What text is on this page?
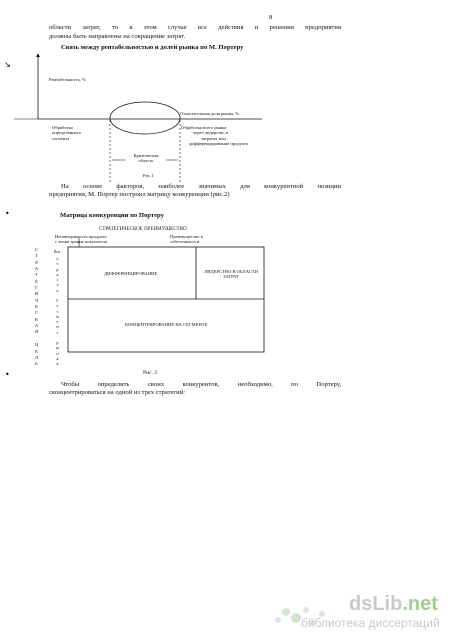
8
области затрат, то в этом случае все действия и решения предприятия
должны быть направлены на сокращение затрат.
Связь между рентабельностью и долей рынка по М. Портеру
↘
•
•
Рентабельность, %
Относительная доля рынка, %
Обработка
определенного
сегмента
Обработка всего рынка
через лидерство в
затратах или
дифференцирование продукта
Критическая
область
Рис.1
На основе факторов, наиболее значимых для конкурентной позиции
предприятия, М. Портер построил матрицу конкуренции (рис.2)
Матрица конкуренции по Портеру
СТРАТЕГИЧЕСКОЕ ПРЕИМУЩЕСТВО
Неповторимость продукта
с точки зрения покупателя
Преимущество в
себестоимости
С
Т
Р
А
Т
Е
Г
И
Ч
Е
С
К
А
Я

Ц
Е
Л
Ь
Вся
о
т
р
а
с
л
ь

С
е
г
м
е
н
т

р
ы
н
к
а
ДИФФЕРЕНЦИРОВАНИЕ	ЛИДЕРСТВО В ОБЛАСТИ
ЗАТРАТ
КОНЦЕНТРИРОВАНИЕ НА СЕГМЕНТЕ
Рис. 2
Чтобы определить своих конкурентов, необходимо, по Портеру,
сконцентрироваться на одной из трех стратегий:
dsLib.net
библиотека диссертаций
